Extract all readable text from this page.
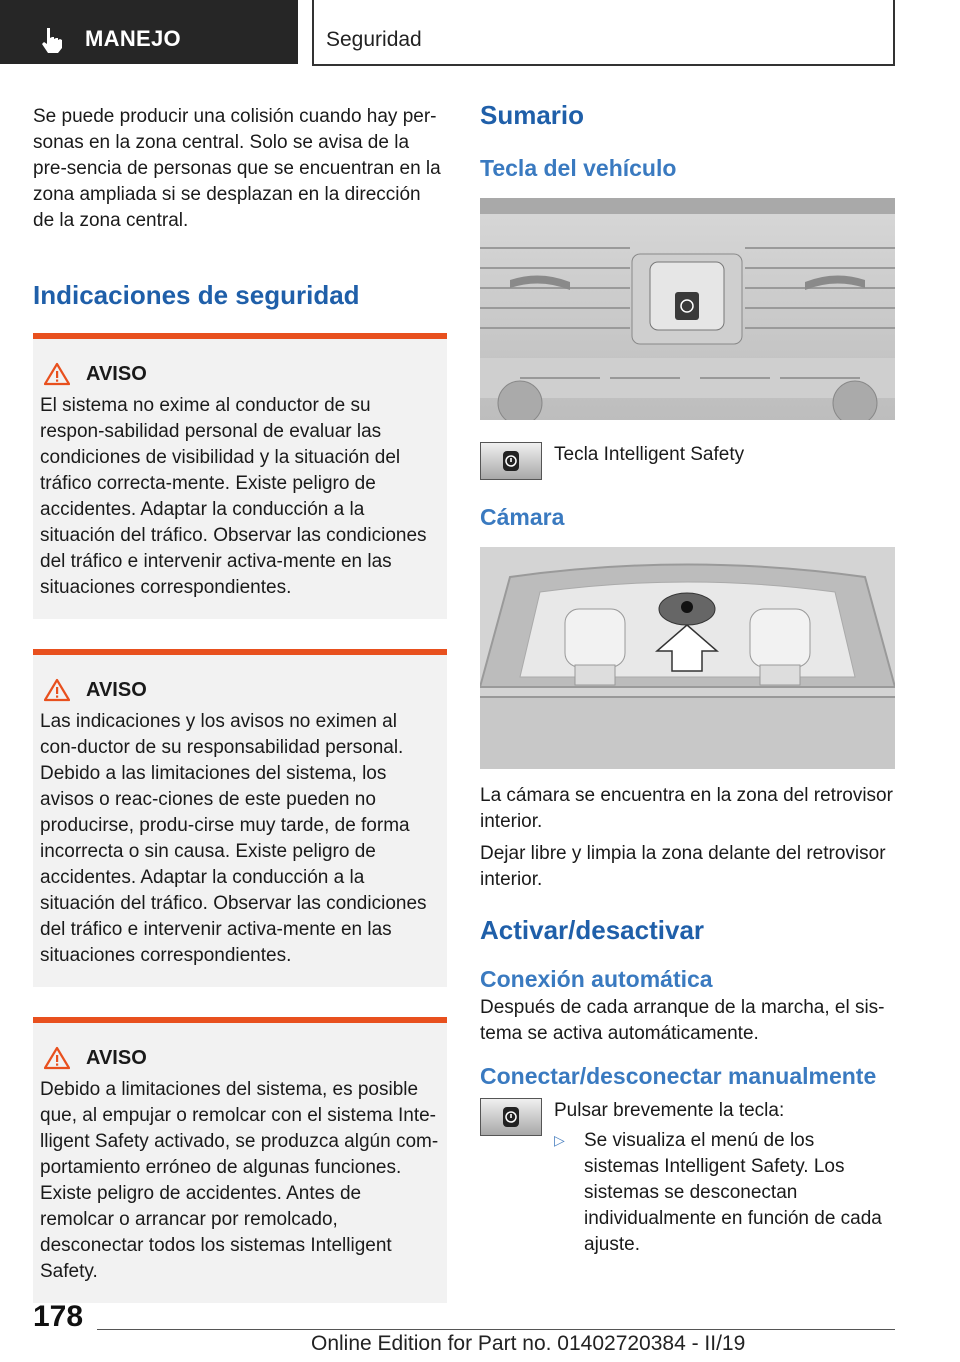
MANEJO	Seguridad

Se puede producir una colisión cuando hay per-sonas en la zona central. Solo se avisa de la pre-sencia de personas que se encuentran en la zona ampliada si se desplazan en la dirección de la zona central.

Indicaciones de seguridad
AVISO

El sistema no exime al conductor de su respon-sabilidad personal de evaluar las condiciones de visibilidad y la situación del tráfico correcta-mente. Existe peligro de accidentes. Adaptar la conducción a la situación del tráfico. Observar las condiciones del tráfico e intervenir activa-mente en las situaciones correspondientes.

AVISO

Las indicaciones y los avisos no eximen al con-ductor de su responsabilidad personal. Debido a las limitaciones del sistema, los avisos o reac-ciones de este pueden no producirse, produ-cirse muy tarde, de forma incorrecta o sin causa. Existe peligro de accidentes. Adaptar la conducción a la situación del tráfico. Observar las condiciones del tráfico e intervenir activa-mente en las situaciones correspondientes.

AVISO

Debido a limitaciones del sistema, es posible que, al empujar o remolcar con el sistema Inte-lligent Safety activado, se produzca algún com-portamiento erróneo de algunas funciones. Existe peligro de accidentes. Antes de remolcar o arrancar por remolcado, desconectar todos los sistemas Intelligent Safety.

Sumario
Tecla del vehículo

Tecla Intelligent Safety

Cámara

La cámara se encuentra en la zona del retrovisor interior.

Dejar libre y limpia la zona delante del retrovisor interior.

Activar/desactivar
Conexión automática

Después de cada arranque de la marcha, el sis-tema se activa automáticamente.

Conectar/desconectar manualmente

Pulsar brevemente la tecla:

▷	Se visualiza el menú de los sistemas Intelligent Safety. Los sistemas se desconectan individualmente en función de cada ajuste.

178
Online Edition for Part no. 01402720384 - II/19
